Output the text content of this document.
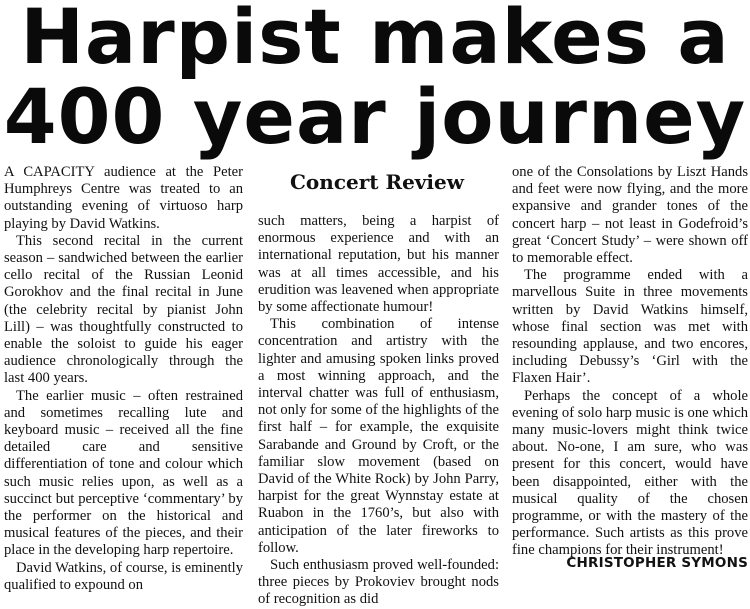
Harpist makes a
400 year journey

A CAPACITY audience at the Peter Humphreys Centre was treated to an outstanding evening of virtuoso harp playing by David Watkins.

This second recital in the current season – sandwiched between the earlier cello recital of the Russian Leonid Gorokhov and the final recital in June (the celebrity recital by pianist John Lill) – was thoughtfully constructed to enable the soloist to guide his eager audience chronologically through the last 400 years.

The earlier music – often restrained and sometimes recalling lute and keyboard music – received all the fine detailed care and sensitive differentiation of tone and colour which such music relies upon, as well as a succinct but perceptive ‘commentary’ by the performer on the historical and musical features of the pieces, and their place in the developing harp repertoire.

David Watkins, of course, is eminently qualified to expound on

Concert Review

such matters, being a harpist of enormous experience and with an international reputation, but his manner was at all times accessible, and his erudition was leavened when appropriate by some affectionate humour!

This combination of intense concentration and artistry with the lighter and amusing spoken links proved a most winning approach, and the interval chatter was full of enthusiasm, not only for some of the highlights of the first half – for example, the exquisite Sarabande and Ground by Croft, or the familiar slow movement (based on David of the White Rock) by John Parry, harpist for the great Wynnstay estate at Ruabon in the 1760’s, but also with anticipation of the later fireworks to follow.

Such enthusiasm proved well-founded: three pieces by Prokoviev brought nods of recognition as did

one of the Consolations by Liszt Hands and feet were now flying, and the more expansive and grander tones of the concert harp – not least in Godefroid’s great ‘Concert Study’ – were shown off to memorable effect.

The programme ended with a marvellous Suite in three movements written by David Watkins himself, whose final section was met with resounding applause, and two encores, including Debussy’s ‘Girl with the Flaxen Hair’.

Perhaps the concept of a whole evening of solo harp music is one which many music-lovers might think twice about. No-one, I am sure, who was present for this concert, would have been disappointed, either with the musical quality of the chosen programme, or with the mastery of the performance. Such artists as this prove fine champions for their instrument!

CHRISTOPHER SYMONS
